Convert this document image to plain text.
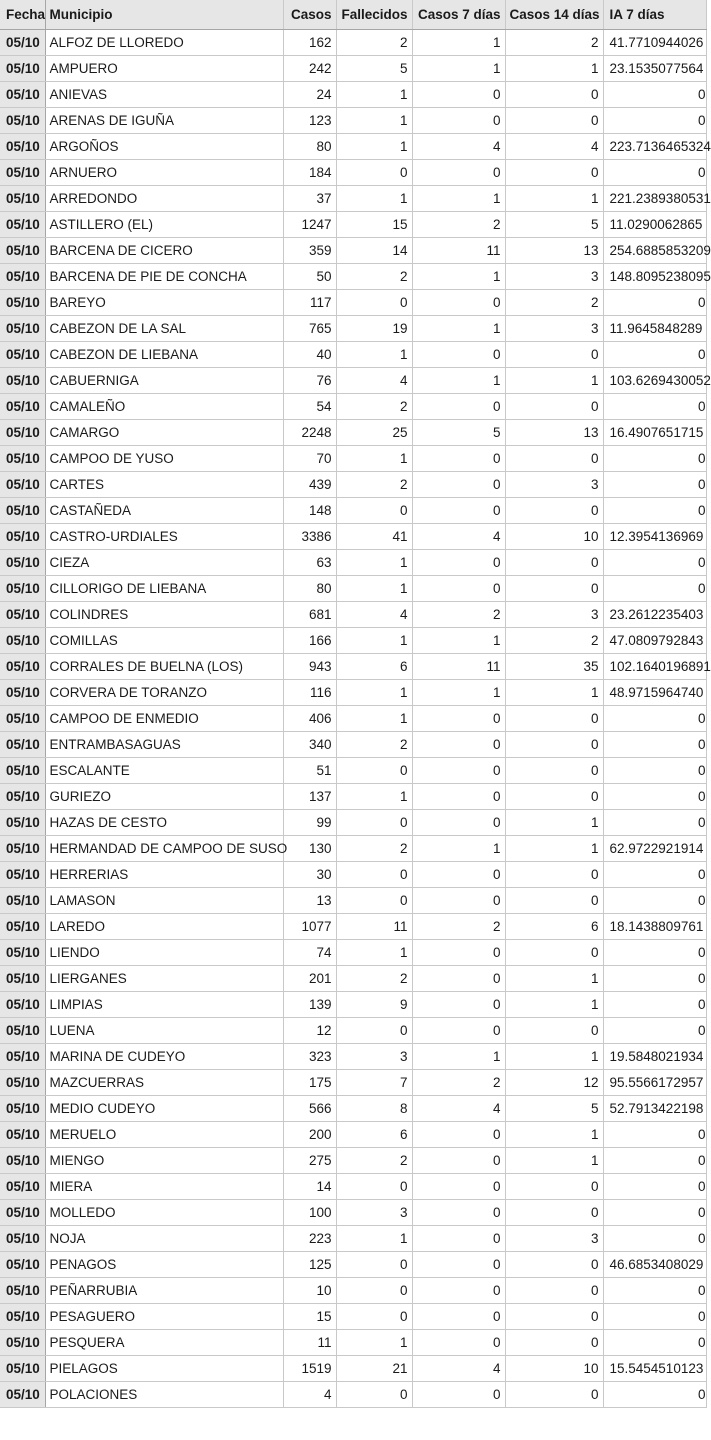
Fecha	Municipio	Casos	Fallecidos	Casos 7 días	Casos 14 días	IA 7 días
05/10	ALFOZ DE LLOREDO	162	2	1	2	41.7710944026
05/10	AMPUERO	242	5	1	1	23.1535077564
05/10	ANIEVAS	24	1	0	0	0
05/10	ARENAS DE IGUÑA	123	1	0	0	0
05/10	ARGOÑOS	80	1	4	4	223.7136465324
05/10	ARNUERO	184	0	0	0	0
05/10	ARREDONDO	37	1	1	1	221.2389380531
05/10	ASTILLERO (EL)	1247	15	2	5	11.0290062865
05/10	BARCENA DE CICERO	359	14	11	13	254.6885853209
05/10	BARCENA DE PIE DE CONCHA	50	2	1	3	148.8095238095
05/10	BAREYO	117	0	0	2	0
05/10	CABEZON DE LA SAL	765	19	1	3	11.9645848289
05/10	CABEZON DE LIEBANA	40	1	0	0	0
05/10	CABUERNIGA	76	4	1	1	103.6269430052
05/10	CAMALEÑO	54	2	0	0	0
05/10	CAMARGO	2248	25	5	13	16.4907651715
05/10	CAMPOO DE YUSO	70	1	0	0	0
05/10	CARTES	439	2	0	3	0
05/10	CASTAÑEDA	148	0	0	0	0
05/10	CASTRO-URDIALES	3386	41	4	10	12.3954136969
05/10	CIEZA	63	1	0	0	0
05/10	CILLORIGO DE LIEBANA	80	1	0	0	0
05/10	COLINDRES	681	4	2	3	23.2612235403
05/10	COMILLAS	166	1	1	2	47.0809792843
05/10	CORRALES DE BUELNA (LOS)	943	6	11	35	102.1640196891
05/10	CORVERA DE TORANZO	116	1	1	1	48.9715964740
05/10	CAMPOO DE ENMEDIO	406	1	0	0	0
05/10	ENTRAMBASAGUAS	340	2	0	0	0
05/10	ESCALANTE	51	0	0	0	0
05/10	GURIEZO	137	1	0	0	0
05/10	HAZAS DE CESTO	99	0	0	1	0
05/10	HERMANDAD DE CAMPOO DE SUSO	130	2	1	1	62.9722921914
05/10	HERRERIAS	30	0	0	0	0
05/10	LAMASON	13	0	0	0	0
05/10	LAREDO	1077	11	2	6	18.1438809761
05/10	LIENDO	74	1	0	0	0
05/10	LIERGANES	201	2	0	1	0
05/10	LIMPIAS	139	9	0	1	0
05/10	LUENA	12	0	0	0	0
05/10	MARINA DE CUDEYO	323	3	1	1	19.5848021934
05/10	MAZCUERRAS	175	7	2	12	95.5566172957
05/10	MEDIO CUDEYO	566	8	4	5	52.7913422198
05/10	MERUELO	200	6	0	1	0
05/10	MIENGO	275	2	0	1	0
05/10	MIERA	14	0	0	0	0
05/10	MOLLEDO	100	3	0	0	0
05/10	NOJA	223	1	0	3	0
05/10	PENAGOS	125	0	0	0	46.6853408029
05/10	PEÑARRUBIA	10	0	0	0	0
05/10	PESAGUERO	15	0	0	0	0
05/10	PESQUERA	11	1	0	0	0
05/10	PIELAGOS	1519	21	4	10	15.5454510123
05/10	POLACIONES	4	0	0	0	0
